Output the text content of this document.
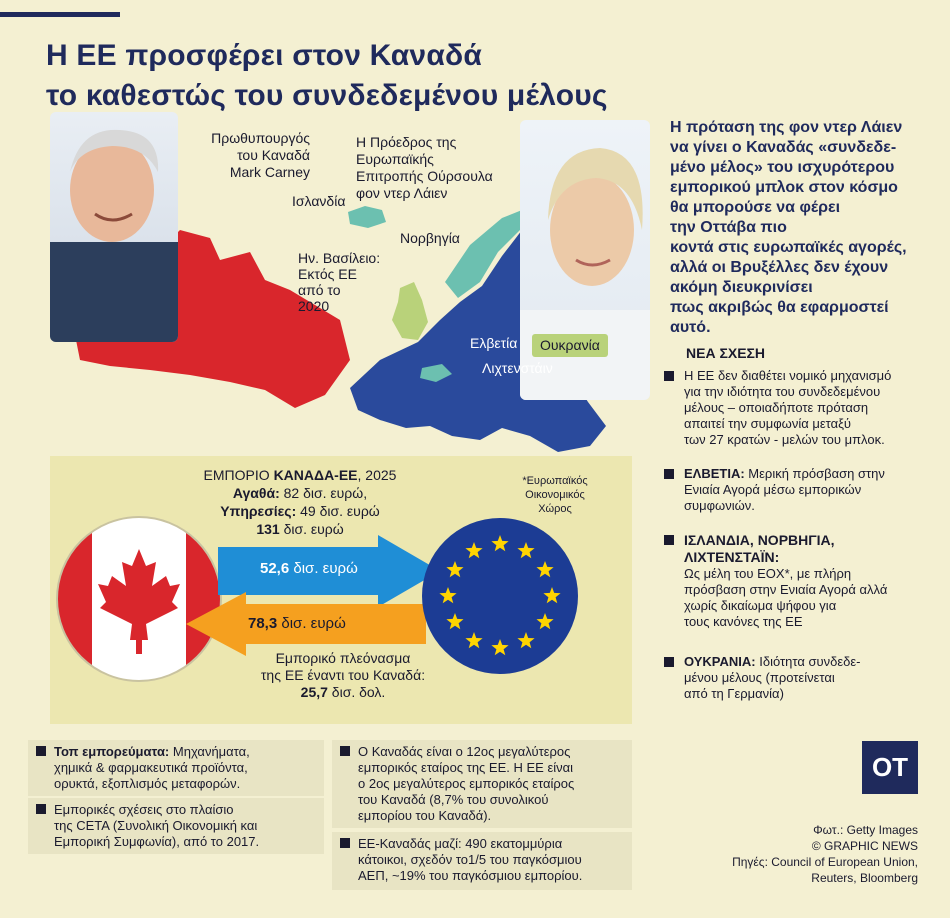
Η ΕΕ προσφέρει στον Καναδά
το καθεστώς του συνδεδεμένου μέλους
Πρωθυπουργός
του Καναδά
Mark Carney
Η Πρόεδρος της Ευρωπαϊκής
Επιτροπής Ούρσουλα
φον ντερ Λάιεν
Ισλανδία
Νορβηγία
Ην. Βασίλειο:
Εκτός ΕΕ
από το
2020
Ελβετία
Λιχτενστάιν
Ουκρανία
Η πρόταση της φον ντερ Λάιεν
να γίνει ο Καναδάς «συνδεδε-
μένο μέλος» του ισχυρότερου
εμπορικού μπλοκ στον κόσμο
θα μπορούσε να φέρει
την Οττάβα πιο
κοντά στις ευρωπαϊκές αγορές,
αλλά οι Βρυξέλλες δεν έχουν
ακόμη διευκρινίσει
πως ακριβώς θα εφαρμοστεί
αυτό.
ΝΕΑ ΣΧΕΣΗ
Η ΕΕ δεν διαθέτει νομικό μηχανισμό
για την ιδιότητα του συνδεδεμένου
μέλους – οποιαδήποτε πρόταση
απαιτεί την συμφωνία μεταξύ
των 27 κρατών - μελών του μπλοκ.
ΕΛΒΕΤΙΑ: Μερική πρόσβαση στην
Ενιαία Αγορά μέσω εμπορικών
συμφωνιών.
ΙΣΛΑΝΔΙΑ, ΝΟΡΒΗΓΙΑ,
ΛΙΧΤΕΝΣΤΑΪΝ:
Ως μέλη του ΕΟΧ*, με πλήρη
πρόσβαση στην Ενιαία Αγορά αλλά
χωρίς δικαίωμα ψήφου για
τους κανόνες της ΕΕ
ΟΥΚΡΑΝΙΑ: Ιδιότητα συνδεδε-
μένου μέλους (προτείνεται
από τη Γερμανία)
ΕΜΠΟΡΙΟ ΚΑΝΑΔΑ-ΕΕ, 2025
Αγαθά: 82 δισ. ευρώ,
Υπηρεσίες: 49 δισ. ευρώ
131 δισ. ευρώ
*Ευρωπαϊκός
Οικονομικός
Χώρος
52,6 δισ. ευρώ
78,3 δισ. ευρώ
Εμπορικό πλεόνασμα
της ΕΕ έναντι του Καναδά:
25,7 δισ. δολ.
Τοπ εμπορεύματα: Μηχανήματα,
χημικά & φαρμακευτικά προϊόντα,
ορυκτά, εξοπλισμός μεταφορών.
Εμπορικές σχέσεις στο πλαίσιο
της CETA (Συνολική Οικονομική και
Εμπορική Συμφωνία), από το 2017.
Ο Καναδάς είναι ο 12ος μεγαλύτερος
εμπορικός εταίρος της ΕΕ. Η ΕΕ είναι
ο 2ος μεγαλύτερος εμπορικός εταίρος
του Καναδά (8,7% του συνολικού
εμπορίου του Καναδά).
ΕΕ-Καναδάς μαζί: 490 εκατομμύρια
κάτοικοι, σχεδόν το1/5 του παγκόσμιου
ΑΕΠ, ~19% του παγκόσμιου εμπορίου.
OT
Φωτ.: Getty Images
© GRAPHIC NEWS
Πηγές: Council of European Union,
Reuters, Bloomberg
